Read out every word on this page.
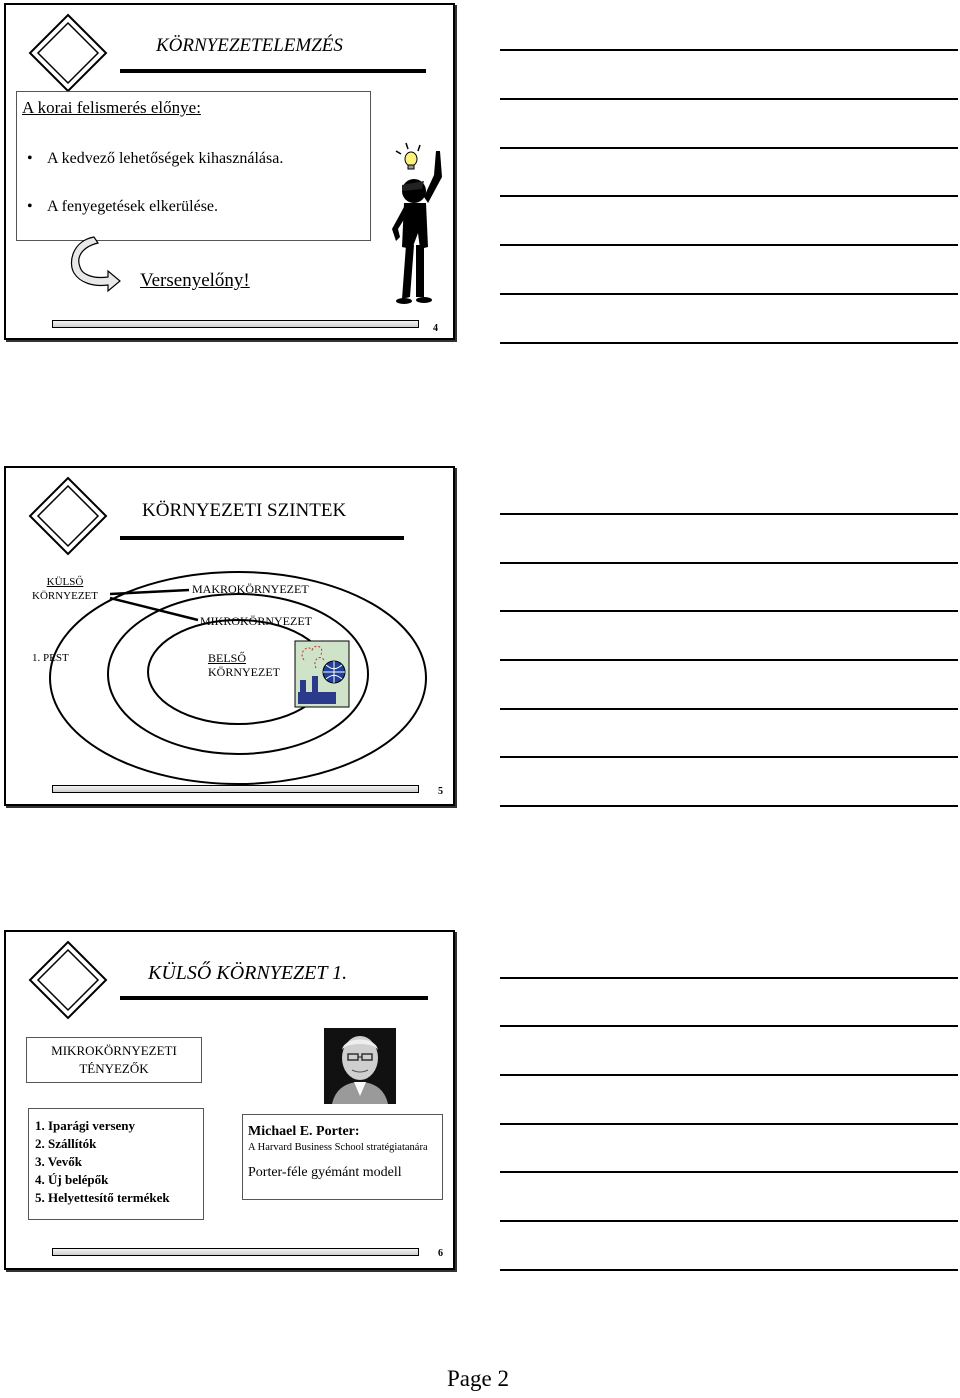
KÖRNYEZETELEMZÉS
A korai felismerés előnye:
• A kedvező lehetőségek kihasználása.
• A fenyegetések elkerülése.
Versenyelőny!
4
KÖRNYEZETI SZINTEK
KÜLSŐ
KÖRNYEZET	MAKROKÖRNYEZET
MIKROKÖRNYEZET
1. PEST	BELSŐ
KÖRNYEZET
5
KÜLSŐ KÖRNYEZET 1.
MIKROKÖRNYEZETI
TÉNYEZŐK
1. Iparági verseny
2. Szállítók
3. Vevők
4. Új belépők
5. Helyettesítő termékek
Michael E. Porter:
A Harvard Business School stratégiatanára
Porter-féle gyémánt modell
6
Page 2
